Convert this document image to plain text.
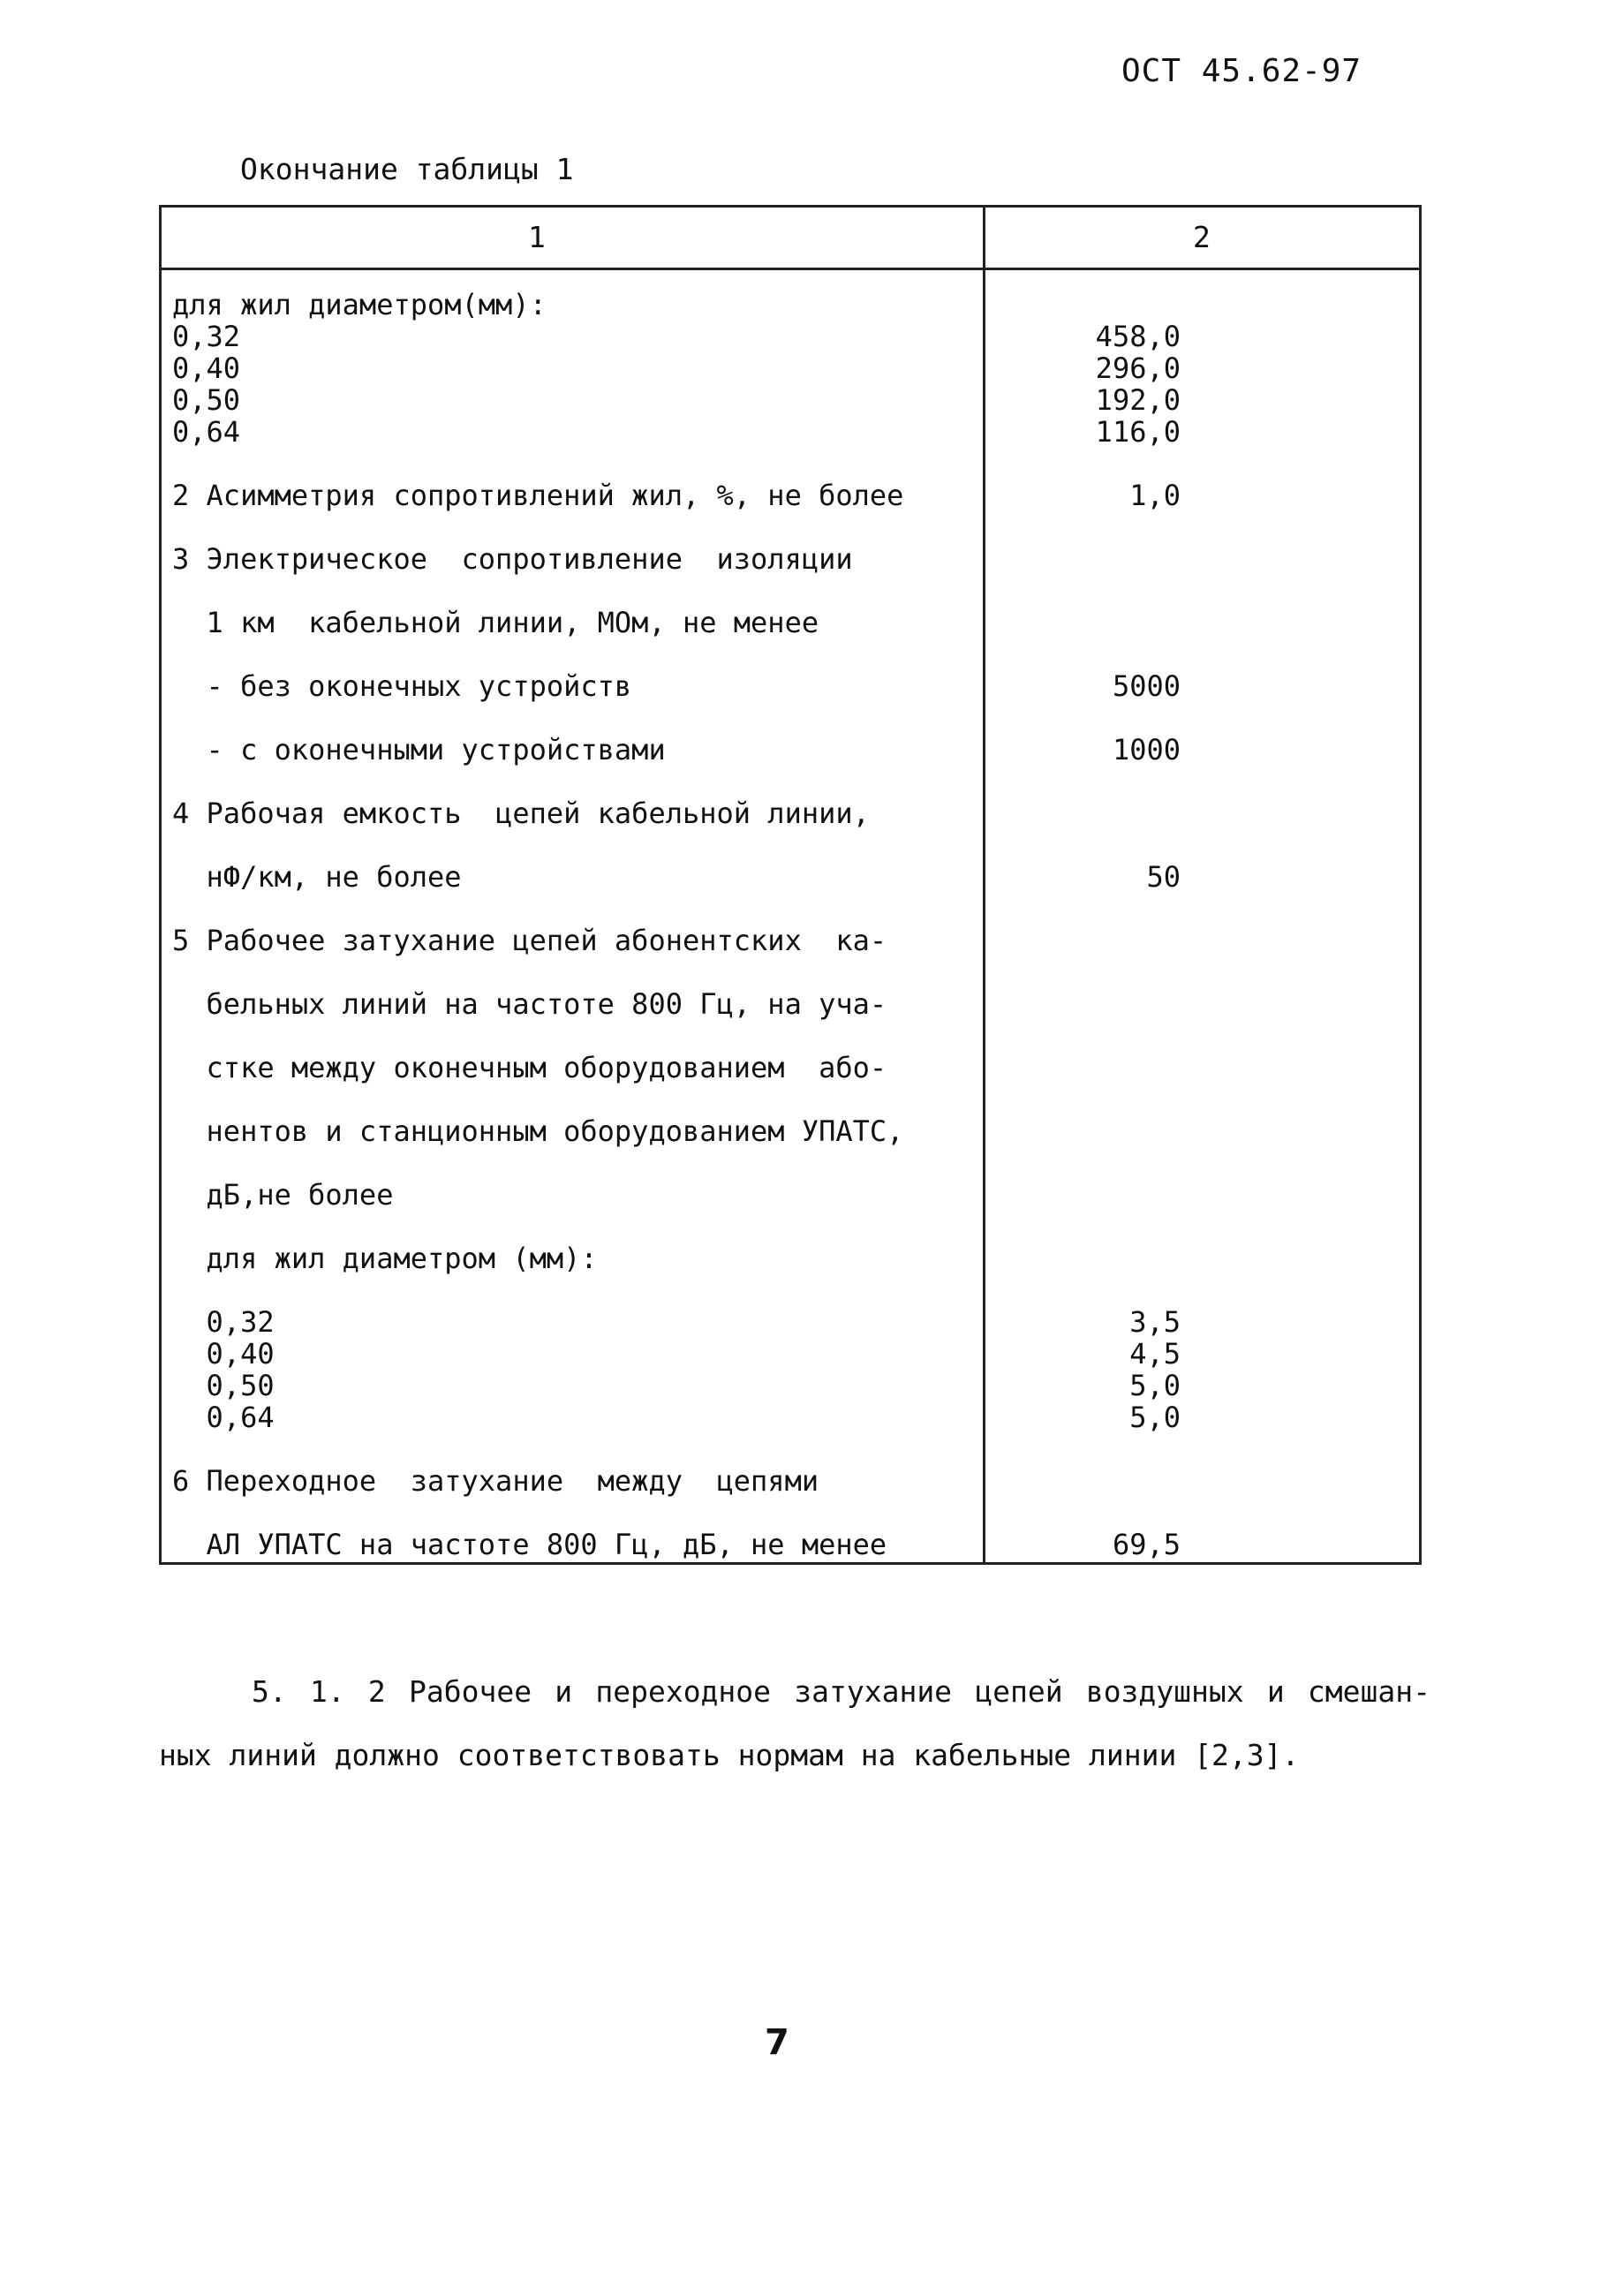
ОСТ 45.62-97
Окончание таблицы 1
1	2
для жил диаметром(мм):
0,32	458,0
0,40	296,0
0,50	192,0
0,64	116,0
2 Асимметрия сопротивлений жил, %, не более	1,0
3 Электрическое  сопротивление  изоляции
1 км  кабельной линии, МОм, не менее
- без оконечных устройств	5000
- с оконечными устройствами	1000
4 Рабочая емкость  цепей кабельной линии,
нФ/км, не более	50
5 Рабочее затухание цепей абонентских  ка-
бельных линий на частоте 800 Гц, на уча-
стке между оконечным оборудованием  або-
нентов и станционным оборудованием УПАТС,
дБ,не более
для жил диаметром (мм):
0,32	3,5
0,40	4,5
0,50	5,0
0,64	5,0
6 Переходное  затухание  между  цепями
АЛ УПАТС на частоте 800 Гц, дБ, не менее	69,5
5. 1. 2 Рабочее и переходное затухание цепей воздушных и смешан-
ных линий должно соответствовать нормам на кабельные линии [2,3].
7
